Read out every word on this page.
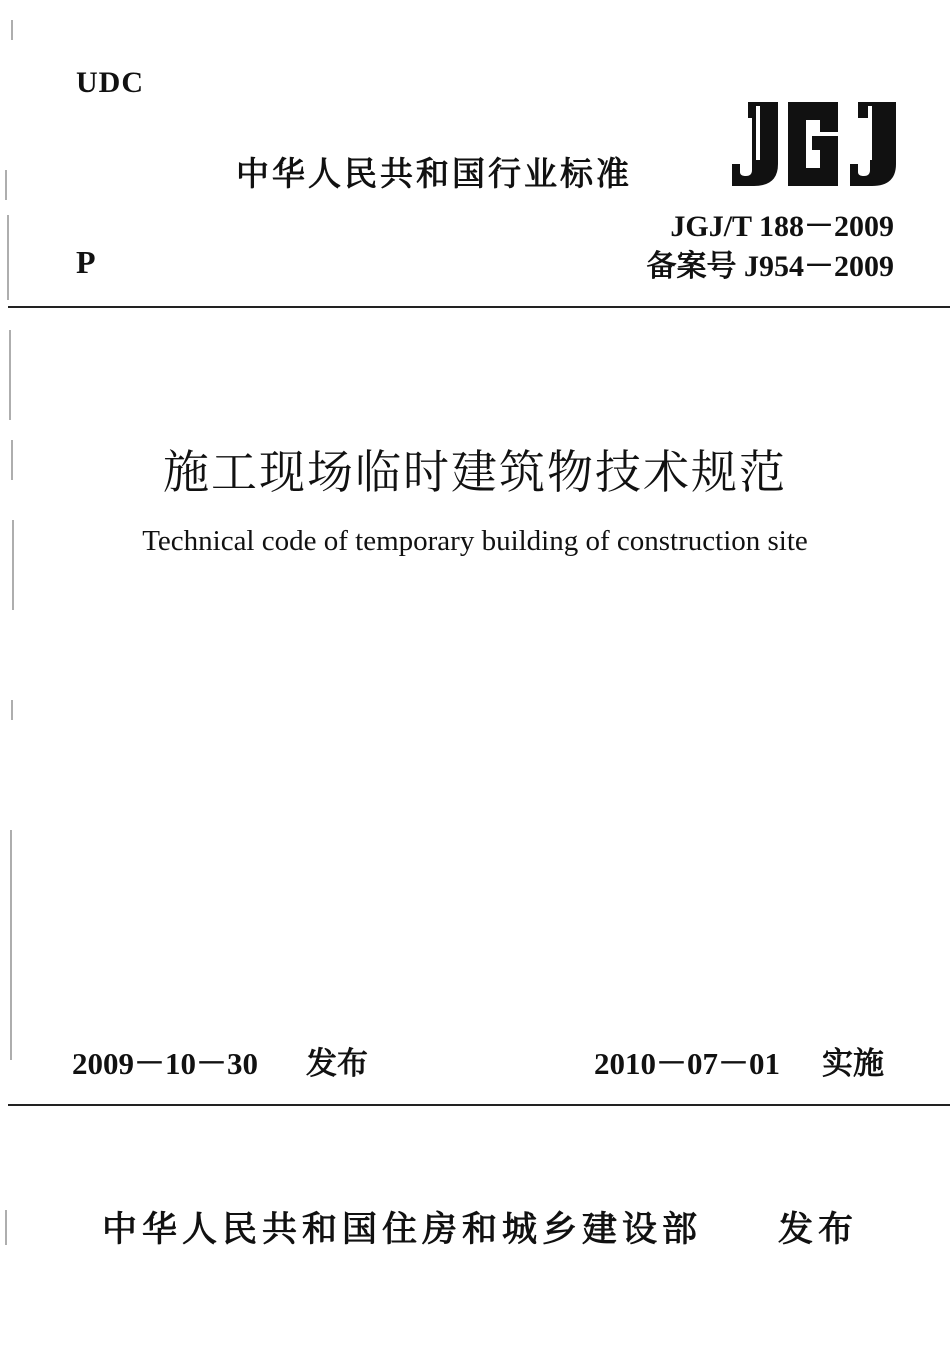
UDC
中华人民共和国行业标准
JGJ/T 188－2009
备案号 J954－2009
P
施工现场临时建筑物技术规范
Technical code of temporary building of construction site
2009－10－30 发布	2010－07－01 实施
中华人民共和国住房和城乡建设部 发布
